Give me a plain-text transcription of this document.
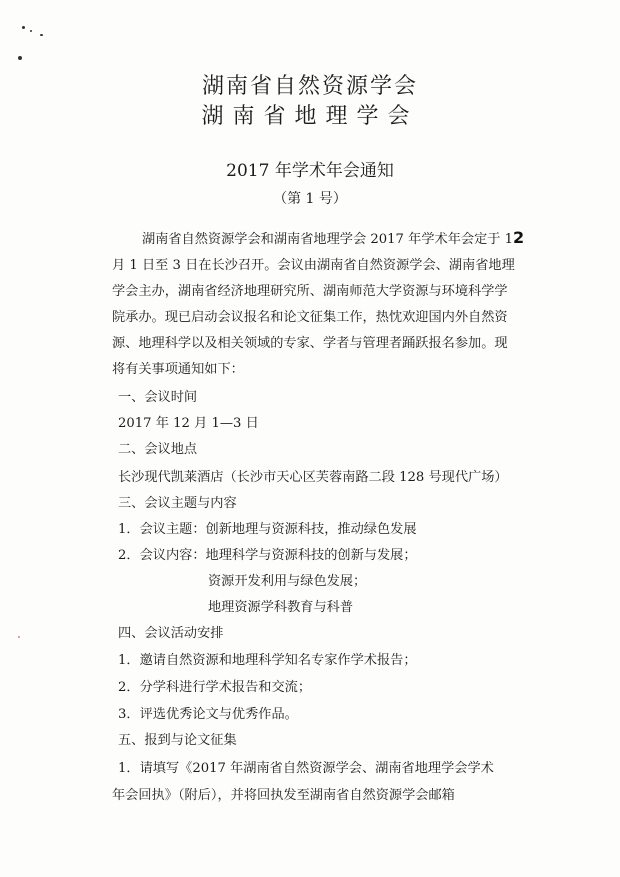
湖南省自然资源学会
湖南省地理学会
2017 年学术年会通知
（第 1 号）
湖南省自然资源学会和湖南省地理学会 2017 年学术年会定于 12
月 1 日至 3 日在长沙召开。会议由湖南省自然资源学会、湖南省地理
学会主办，湖南省经济地理研究所、湖南师范大学资源与环境科学学
院承办。现已启动会议报名和论文征集工作，热忱欢迎国内外自然资
源、地理科学以及相关领域的专家、学者与管理者踊跃报名参加。现
将有关事项通知如下：
一、会议时间
2017 年 12 月 1—3 日
二、会议地点
长沙现代凯莱酒店（长沙市天心区芙蓉南路二段 128 号现代广场）
三、会议主题与内容
1．会议主题：创新地理与资源科技，推动绿色发展
2．会议内容：地理科学与资源科技的创新与发展；
资源开发利用与绿色发展；
地理资源学科教育与科普
四、会议活动安排
1．邀请自然资源和地理科学知名专家作学术报告；
2．分学科进行学术报告和交流；
3．评选优秀论文与优秀作品。
五、报到与论文征集
1．请填写《2017 年湖南省自然资源学会、湖南省地理学会学术
年会回执》（附后），并将回执发至湖南省自然资源学会邮箱
